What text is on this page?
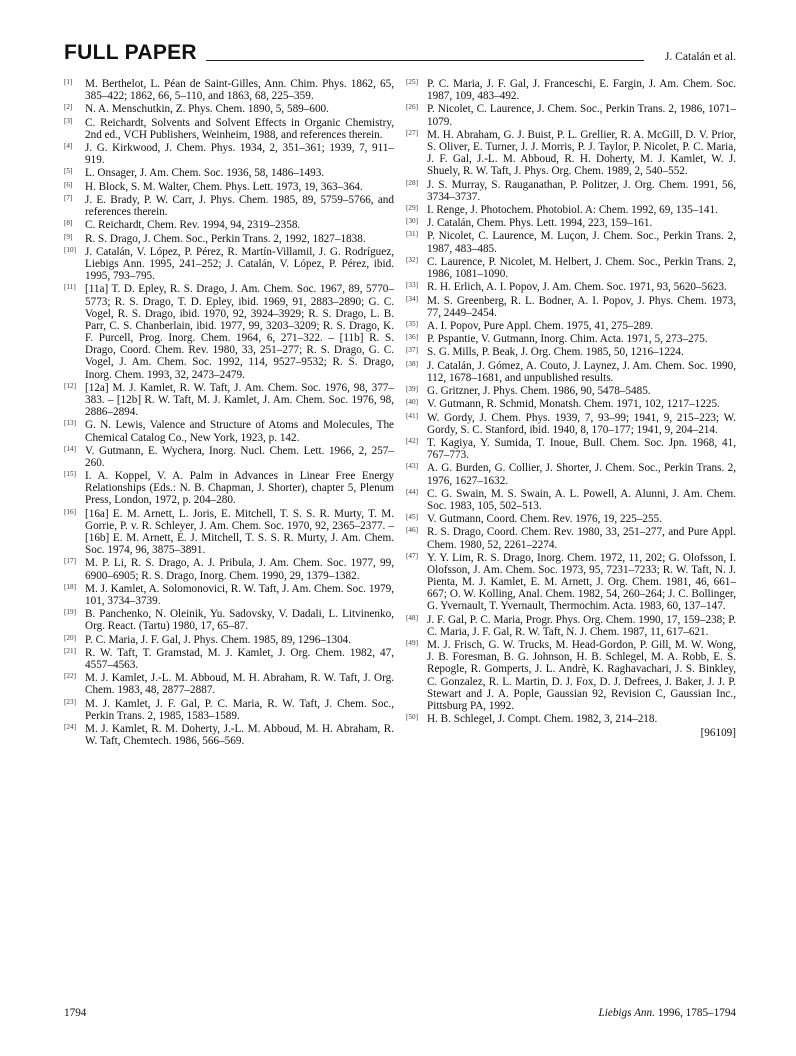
FULL PAPER	J. Catalán et al.
[1]	M. Berthelot, L. Péan de Saint-Gilles, Ann. Chim. Phys. 1862, 65, 385–422; 1862, 66, 5–110, and 1863, 68, 225–359.
[2]	N. A. Menschutkin, Z. Phys. Chem. 1890, 5, 589–600.
[3]	C. Reichardt, Solvents and Solvent Effects in Organic Chemistry, 2nd ed., VCH Publishers, Weinheim, 1988, and references therein.
[4]	J. G. Kirkwood, J. Chem. Phys. 1934, 2, 351–361; 1939, 7, 911–919.
[5]	L. Onsager, J. Am. Chem. Soc. 1936, 58, 1486–1493.
[6]	H. Block, S. M. Walter, Chem. Phys. Lett. 1973, 19, 363–364.
[7]	J. E. Brady, P. W. Carr, J. Phys. Chem. 1985, 89, 5759–5766, and references therein.
[8]	C. Reichardt, Chem. Rev. 1994, 94, 2319–2358.
[9]	R. S. Drago, J. Chem. Soc., Perkin Trans. 2, 1992, 1827–1838.
[10] J. Catalán, V. López, P. Pérez, R. Martín-Villamil, J. G. Rodríguez, Liebigs Ann. 1995, 241–252; J. Catalán, V. López, P. Pérez, ibid. 1995, 793–795.
[11] [11a] T. D. Epley, R. S. Drago, J. Am. Chem. Soc. 1967, 89, 5770–5773; R. S. Drago, T. D. Epley, ibid. 1969, 91, 2883–2890; G. C. Vogel, R. S. Drago, ibid. 1970, 92, 3924–3929; R. S. Drago, L. B. Parr, C. S. Chanberlain, ibid. 1977, 99, 3203–3209; R. S. Drago, K. F. Purcell, Prog. Inorg. Chem. 1964, 6, 271–322. – [11b] R. S. Drago, Coord. Chem. Rev. 1980, 33, 251–277; R. S. Drago, G. C. Vogel, J. Am. Chem. Soc. 1992, 114, 9527–9532; R. S. Drago, Inorg. Chem. 1993, 32, 2473–2479.
[12] [12a] M. J. Kamlet, R. W. Taft, J. Am. Chem. Soc. 1976, 98, 377–383. – [12b] R. W. Taft, M. J. Kamlet, J. Am. Chem. Soc. 1976, 98, 2886–2894.
[13] G. N. Lewis, Valence and Structure of Atoms and Molecules, The Chemical Catalog Co., New York, 1923, p. 142.
[14] V. Gutmann, E. Wychera, Inorg. Nucl. Chem. Lett. 1966, 2, 257–260.
[15] I. A. Koppel, V. A. Palm in Advances in Linear Free Energy Relationships (Eds.: N. B. Chapman, J. Shorter), chapter 5, Plenum Press, London, 1972, p. 204–280.
[16] [16a] E. M. Arnett, L. Joris, E. Mitchell, T. S. S. R. Murty, T. M. Gorrie, P. v. R. Schleyer, J. Am. Chem. Soc. 1970, 92, 2365–2377. – [16b] E. M. Arnett, E. J. Mitchell, T. S. S. R. Murty, J. Am. Chem. Soc. 1974, 96, 3875–3891.
[17] M. P. Li, R. S. Drago, A. J. Pribula, J. Am. Chem. Soc. 1977, 99, 6900–6905; R. S. Drago, Inorg. Chem. 1990, 29, 1379–1382.
[18] M. J. Kamlet, A. Solomonovici, R. W. Taft, J. Am. Chem. Soc. 1979, 101, 3734–3739.
[19] B. Panchenko, N. Oleinik, Yu. Sadovsky, V. Dadali, L. Litvinenko, Org. React. (Tartu) 1980, 17, 65–87.
[20] P. C. Maria, J. F. Gal, J. Phys. Chem. 1985, 89, 1296–1304.
[21] R. W. Taft, T. Gramstad, M. J. Kamlet, J. Org. Chem. 1982, 47, 4557–4563.
[22] M. J. Kamlet, J.-L. M. Abboud, M. H. Abraham, R. W. Taft, J. Org. Chem. 1983, 48, 2877–2887.
[23] M. J. Kamlet, J. F. Gal, P. C. Maria, R. W. Taft, J. Chem. Soc., Perkin Trans. 2, 1985, 1583–1589.
[24] M. J. Kamlet, R. M. Doherty, J.-L. M. Abboud, M. H. Abraham, R. W. Taft, Chemtech. 1986, 566–569.
[25] P. C. Maria, J. F. Gal, J. Franceschi, E. Fargin, J. Am. Chem. Soc. 1987, 109, 483–492.
[26] P. Nicolet, C. Laurence, J. Chem. Soc., Perkin Trans. 2, 1986, 1071–1079.
[27] M. H. Abraham, G. J. Buist, P. L. Grellier, R. A. McGill, D. V. Prior, S. Oliver, E. Turner, J. J. Morris, P. J. Taylor, P. Nicolet, P. C. Maria, J. F. Gal, J.-L. M. Abboud, R. H. Doherty, M. J. Kamlet, W. J. Shuely, R. W. Taft, J. Phys. Org. Chem. 1989, 2, 540–552.
[28] J. S. Murray, S. Rauganathan, P. Politzer, J. Org. Chem. 1991, 56, 3734–3737.
[29] I. Renge, J. Photochem. Photobiol. A: Chem. 1992, 69, 135–141.
[30] J. Catalán, Chem. Phys. Lett. 1994, 223, 159–161.
[31] P. Nicolet, C. Laurence, M. Luçon, J. Chem. Soc., Perkin Trans. 2, 1987, 483–485.
[32] C. Laurence, P. Nicolet, M. Helbert, J. Chem. Soc., Perkin Trans. 2, 1986, 1081–1090.
[33] R. H. Erlich, A. I. Popov, J. Am. Chem. Soc. 1971, 93, 5620–5623.
[34] M. S. Greenberg, R. L. Bodner, A. I. Popov, J. Phys. Chem. 1973, 77, 2449–2454.
[35] A. I. Popov, Pure Appl. Chem. 1975, 41, 275–289.
[36] P. Pspantie, V. Gutmann, Inorg. Chim. Acta. 1971, 5, 273–275.
[37] S. G. Mills, P. Beak, J. Org. Chem. 1985, 50, 1216–1224.
[38] J. Catalán, J. Gómez, A. Couto, J. Laynez, J. Am. Chem. Soc. 1990, 112, 1678–1681, and unpublished results.
[39] G. Gritzner, J. Phys. Chem. 1986, 90, 5478–5485.
[40] V. Gutmann, R. Schmid, Monatsh. Chem. 1971, 102, 1217–1225.
[41] W. Gordy, J. Chem. Phys. 1939, 7, 93–99; 1941, 9, 215–223; W. Gordy, S. C. Stanford, ibid. 1940, 8, 170–177; 1941, 9, 204–214.
[42] T. Kagiya, Y. Sumida, T. Inoue, Bull. Chem. Soc. Jpn. 1968, 41, 767–773.
[43] A. G. Burden, G. Collier, J. Shorter, J. Chem. Soc., Perkin Trans. 2, 1976, 1627–1632.
[44] C. G. Swain, M. S. Swain, A. L. Powell, A. Alunni, J. Am. Chem. Soc. 1983, 105, 502–513.
[45] V. Gutmann, Coord. Chem. Rev. 1976, 19, 225–255.
[46] R. S. Drago, Coord. Chem. Rev. 1980, 33, 251–277, and Pure Appl. Chem. 1980, 52, 2261–2274.
[47] Y. Y. Lim, R. S. Drago, Inorg. Chem. 1972, 11, 202; G. Olofsson, I. Olofsson, J. Am. Chem. Soc. 1973, 95, 7231–7233; R. W. Taft, N. J. Pienta, M. J. Kamlet, E. M. Arnett, J. Org. Chem. 1981, 46, 661–667; O. W. Kolling, Anal. Chem. 1982, 54, 260–264; J. C. Bollinger, G. Yvernault, T. Yvernault, Thermochim. Acta. 1983, 60, 137–147.
[48] J. F. Gal, P. C. Maria, Progr. Phys. Org. Chem. 1990, 17, 159–238; P. C. Maria, J. F. Gal, R. W. Taft, N. J. Chem. 1987, 11, 617–621.
[49] M. J. Frisch, G. W. Trucks, M. Head-Gordon, P. Gill, M. W. Wong, J. B. Foresman, B. G. Johnson, H. B. Schlegel, M. A. Robb, E. S. Repogle, R. Gomperts, J. L. Andrè, K. Raghavachari, J. S. Binkley, C. Gonzalez, R. L. Martin, D. J. Fox, D. J. Defrees, J. Baker, J. J. P. Stewart and J. A. Pople, Gaussian 92, Revision C, Gaussian Inc., Pittsburg PA, 1992.
[50] H. B. Schlegel, J. Compt. Chem. 1982, 3, 214–218.
[96109]
1794	Liebigs Ann. 1996, 1785–1794
